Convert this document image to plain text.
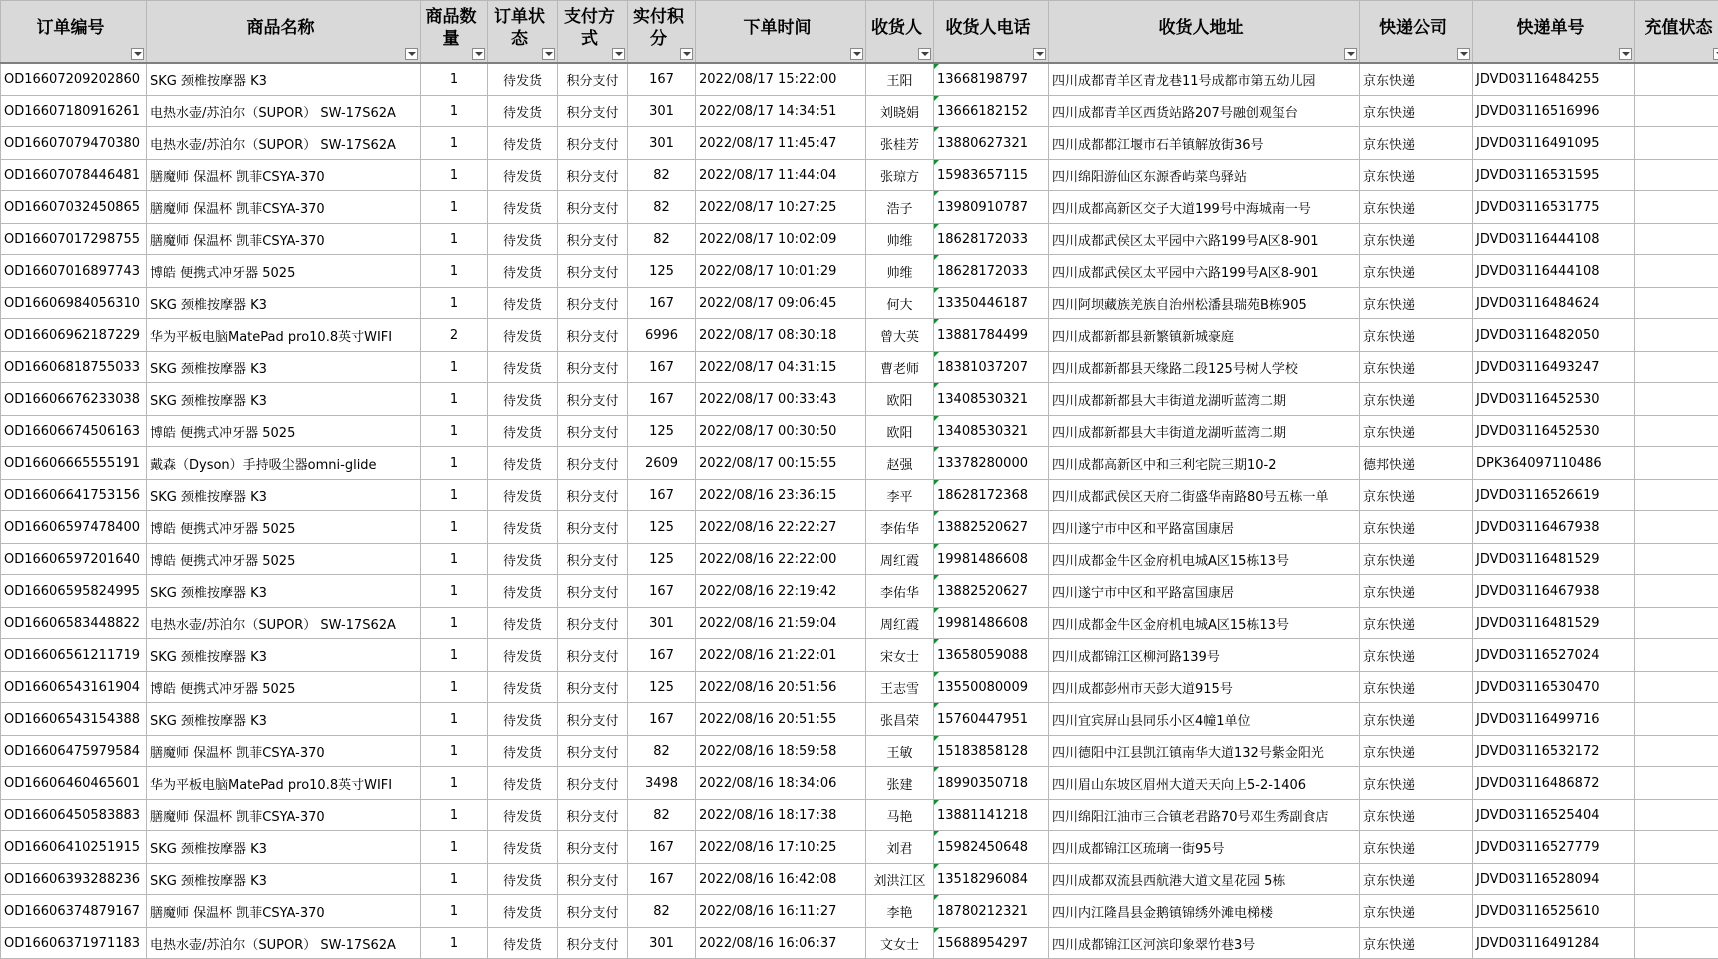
订单编号	商品名称	商品数量	订单状态	支付方式	实付积分	下单时间	收货人	收货人电话	收货人地址	快递公司	快递单号	充值状态

OD16607209202860	SKG 颈椎按摩器 K3	1	待发货	积分支付	167	2022/08/17 15:22:00	王阳	13668198797	四川成都青羊区青龙巷11号成都市第五幼儿园	京东快递	JDVD03116484255	
OD16607180916261	电热水壶/苏泊尔（SUPOR） SW-17S62A	1	待发货	积分支付	301	2022/08/17 14:34:51	刘晓娟	13666182152	四川成都青羊区西货站路207号融创观玺台	京东快递	JDVD03116516996	
OD16607079470380	电热水壶/苏泊尔（SUPOR） SW-17S62A	1	待发货	积分支付	301	2022/08/17 11:45:47	张桂芳	13880627321	四川成都都江堰市石羊镇解放街36号	京东快递	JDVD03116491095	
OD16607078446481	膳魔师 保温杯 凯菲CSYA-370	1	待发货	积分支付	82	2022/08/17 11:44:04	张琼方	15983657115	四川绵阳游仙区东源香屿菜鸟驿站	京东快递	JDVD03116531595	
OD16607032450865	膳魔师 保温杯 凯菲CSYA-370	1	待发货	积分支付	82	2022/08/17 10:27:25	浩子	13980910787	四川成都高新区交子大道199号中海城南一号	京东快递	JDVD03116531775	
OD16607017298755	膳魔师 保温杯 凯菲CSYA-370	1	待发货	积分支付	82	2022/08/17 10:02:09	帅维	18628172033	四川成都武侯区太平园中六路199号A区8-901	京东快递	JDVD03116444108	
OD16607016897743	博皓 便携式冲牙器 5025	1	待发货	积分支付	125	2022/08/17 10:01:29	帅维	18628172033	四川成都武侯区太平园中六路199号A区8-901	京东快递	JDVD03116444108	
OD16606984056310	SKG 颈椎按摩器 K3	1	待发货	积分支付	167	2022/08/17 09:06:45	何大	13350446187	四川阿坝藏族羌族自治州松潘县瑞苑B栋905	京东快递	JDVD03116484624	
OD16606962187229	华为平板电脑MatePad pro10.8英寸WIFI	2	待发货	积分支付	6996	2022/08/17 08:30:18	曾大英	13881784499	四川成都新都县新繁镇新城豪庭	京东快递	JDVD03116482050	
OD16606818755033	SKG 颈椎按摩器 K3	1	待发货	积分支付	167	2022/08/17 04:31:15	曹老师	18381037207	四川成都新都县天缘路二段125号树人学校	京东快递	JDVD03116493247	
OD16606676233038	SKG 颈椎按摩器 K3	1	待发货	积分支付	167	2022/08/17 00:33:43	欧阳	13408530321	四川成都新都县大丰街道龙湖听蓝湾二期	京东快递	JDVD03116452530	
OD16606674506163	博皓 便携式冲牙器 5025	1	待发货	积分支付	125	2022/08/17 00:30:50	欧阳	13408530321	四川成都新都县大丰街道龙湖听蓝湾二期	京东快递	JDVD03116452530	
OD16606665555191	戴森（Dyson）手持吸尘器omni-glide	1	待发货	积分支付	2609	2022/08/17 00:15:55	赵强	13378280000	四川成都高新区中和三利宅院三期10-2	德邦快递	DPK364097110486	
OD16606641753156	SKG 颈椎按摩器 K3	1	待发货	积分支付	167	2022/08/16 23:36:15	李平	18628172368	四川成都武侯区天府二街盛华南路80号五栋一单	京东快递	JDVD03116526619	
OD16606597478400	博皓 便携式冲牙器 5025	1	待发货	积分支付	125	2022/08/16 22:22:27	李佑华	13882520627	四川遂宁市中区和平路富国康居	京东快递	JDVD03116467938	
OD16606597201640	博皓 便携式冲牙器 5025	1	待发货	积分支付	125	2022/08/16 22:22:00	周红霞	19981486608	四川成都金牛区金府机电城A区15栋13号	京东快递	JDVD03116481529	
OD16606595824995	SKG 颈椎按摩器 K3	1	待发货	积分支付	167	2022/08/16 22:19:42	李佑华	13882520627	四川遂宁市中区和平路富国康居	京东快递	JDVD03116467938	
OD16606583448822	电热水壶/苏泊尔（SUPOR） SW-17S62A	1	待发货	积分支付	301	2022/08/16 21:59:04	周红霞	19981486608	四川成都金牛区金府机电城A区15栋13号	京东快递	JDVD03116481529	
OD16606561211719	SKG 颈椎按摩器 K3	1	待发货	积分支付	167	2022/08/16 21:22:01	宋女士	13658059088	四川成都锦江区柳河路139号	京东快递	JDVD03116527024	
OD16606543161904	博皓 便携式冲牙器 5025	1	待发货	积分支付	125	2022/08/16 20:51:56	王志雪	13550080009	四川成都彭州市天彭大道915号	京东快递	JDVD03116530470	
OD16606543154388	SKG 颈椎按摩器 K3	1	待发货	积分支付	167	2022/08/16 20:51:55	张昌荣	15760447951	四川宜宾屏山县同乐小区4幢1单位	京东快递	JDVD03116499716	
OD16606475979584	膳魔师 保温杯 凯菲CSYA-370	1	待发货	积分支付	82	2022/08/16 18:59:58	王敏	15183858128	四川德阳中江县凯江镇南华大道132号紫金阳光	京东快递	JDVD03116532172	
OD16606460465601	华为平板电脑MatePad pro10.8英寸WIFI	1	待发货	积分支付	3498	2022/08/16 18:34:06	张建	18990350718	四川眉山东坡区眉州大道天天向上5-2-1406	京东快递	JDVD03116486872	
OD16606450583883	膳魔师 保温杯 凯菲CSYA-370	1	待发货	积分支付	82	2022/08/16 18:17:38	马艳	13881141218	四川绵阳江油市三合镇老君路70号邓生秀副食店	京东快递	JDVD03116525404	
OD16606410251915	SKG 颈椎按摩器 K3	1	待发货	积分支付	167	2022/08/16 17:10:25	刘君	15982450648	四川成都锦江区琉璃一街95号	京东快递	JDVD03116527779	
OD16606393288236	SKG 颈椎按摩器 K3	1	待发货	积分支付	167	2022/08/16 16:42:08	刘洪江区	13518296084	四川成都双流县西航港大道文星花园 5栋	京东快递	JDVD03116528094	
OD16606374879167	膳魔师 保温杯 凯菲CSYA-370	1	待发货	积分支付	82	2022/08/16 16:11:27	李艳	18780212321	四川内江隆昌县金鹅镇锦绣外滩电梯楼	京东快递	JDVD03116525610	
OD16606371971183	电热水壶/苏泊尔（SUPOR） SW-17S62A	1	待发货	积分支付	301	2022/08/16 16:06:37	文女士	15688954297	四川成都锦江区河滨印象翠竹巷3号	京东快递	JDVD03116491284	
